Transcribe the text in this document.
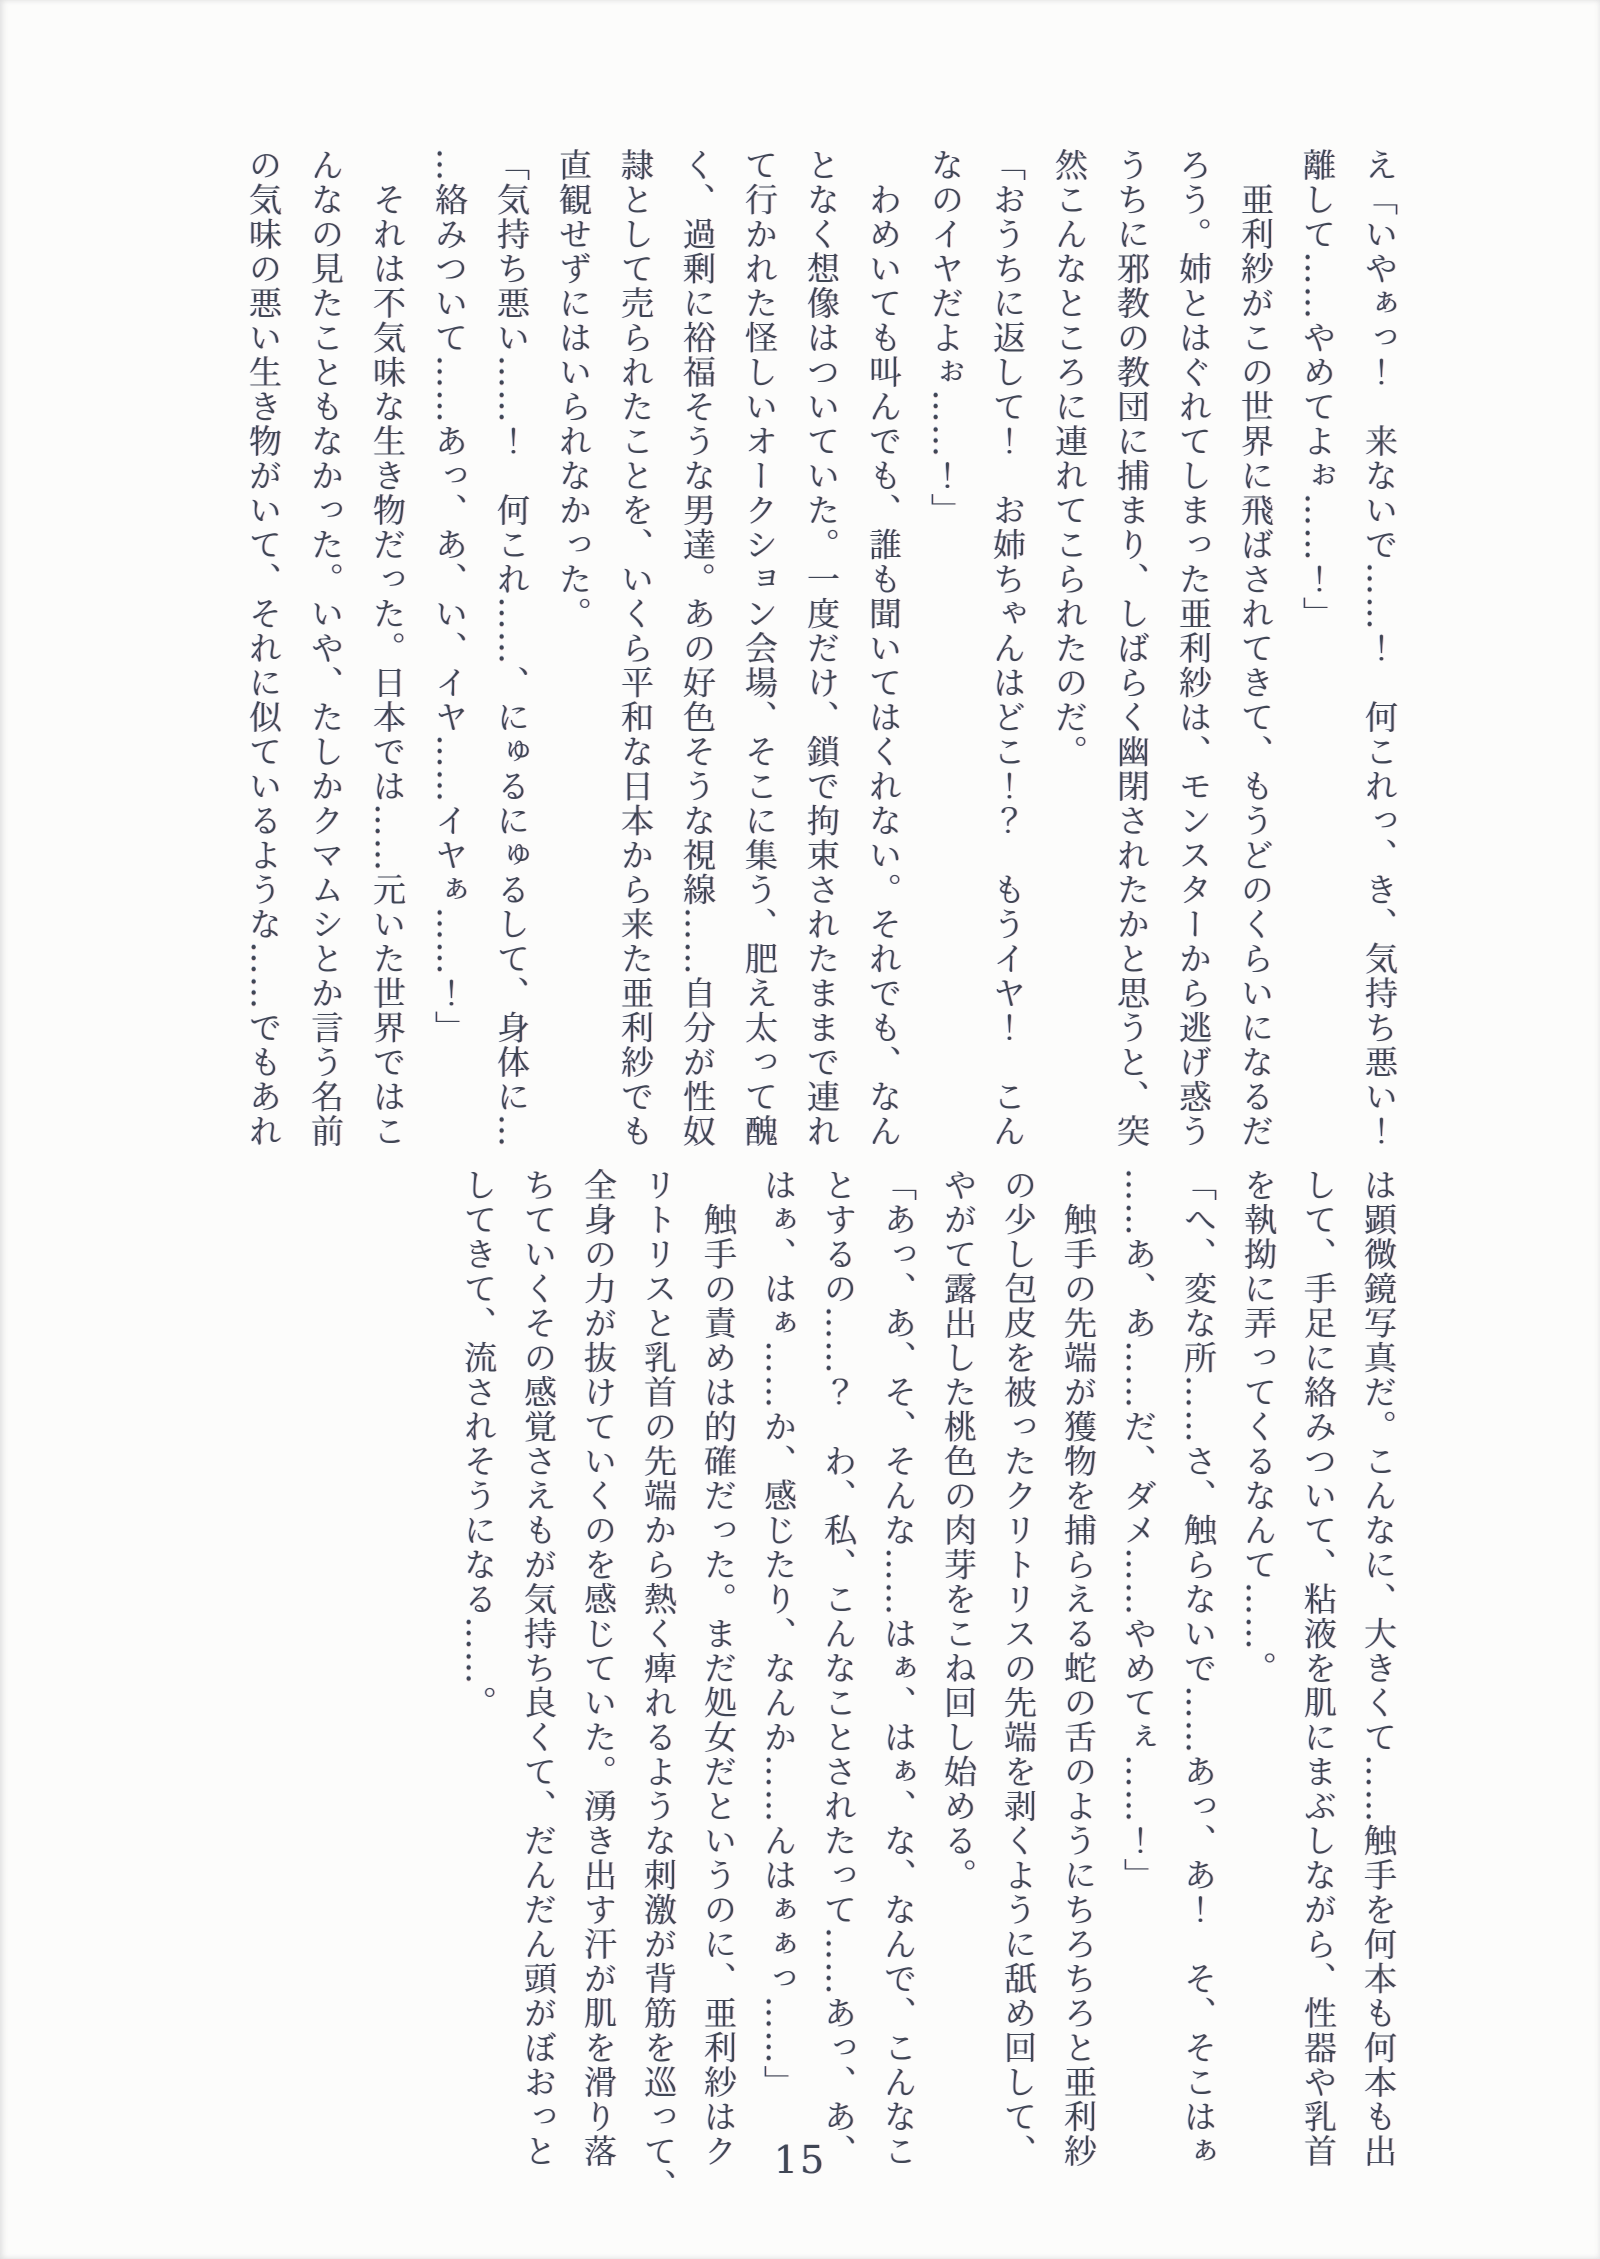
え「いやぁっ！　来ないで……！　何これっ、き、気持ち悪い！
離して……やめてよぉ……！」
　亜利紗がこの世界に飛ばされてきて、もうどのくらいになるだ
ろう。姉とはぐれてしまった亜利紗は、モンスターから逃げ惑う
うちに邪教の教団に捕まり、しばらく幽閉されたかと思うと、突
然こんなところに連れてこられたのだ。
「おうちに返して！　お姉ちゃんはどこ！？　もうイヤ！　こん
なのイヤだよぉ……！」
　わめいても叫んでも、誰も聞いてはくれない。それでも、なん
となく想像はついていた。一度だけ、鎖で拘束されたままで連れ
て行かれた怪しいオークション会場、そこに集う、肥え太って醜
く、過剰に裕福そうな男達。あの好色そうな視線……自分が性奴
隷として売られたことを、いくら平和な日本から来た亜利紗でも
直観せずにはいられなかった。
「気持ち悪い……！　何これ……、にゅるにゅるして、身体に…
…絡みついて……あっ、あ、い、イヤ……イヤぁ……！」
　それは不気味な生き物だった。日本では……元いた世界ではこ
んなの見たこともなかった。いや、たしかクマムシとか言う名前
の気味の悪い生き物がいて、それに似ているような……でもあれ
は顕微鏡写真だ。こんなに、大きくて……触手を何本も何本も出
して、手足に絡みついて、粘液を肌にまぶしながら、性器や乳首
を執拗に弄ってくるなんて……。
「へ、変な所……さ、触らないで……あっ、あ！　そ、そこはぁ
……あ、あ……だ、ダメ……やめてぇ……！」
　触手の先端が獲物を捕らえる蛇の舌のようにちろちろと亜利紗
の少し包皮を被ったクリトリスの先端を剥くように舐め回して、
やがて露出した桃色の肉芽をこね回し始める。
「あっ、あ、そ、そんな……はぁ、はぁ、な、なんで、こんなこ
とするの……？　わ、私、こんなことされたって……あっ、あ、
はぁ、はぁ……か、感じたり、なんか……んはぁぁっ……」
　触手の責めは的確だった。まだ処女だというのに、亜利紗はク
リトリスと乳首の先端から熱く痺れるような刺激が背筋を巡って、
全身の力が抜けていくのを感じていた。湧き出す汗が肌を滑り落
ちていくその感覚さえもが気持ち良くて、だんだん頭がぼおっと
してきて、流されそうになる……。
15
